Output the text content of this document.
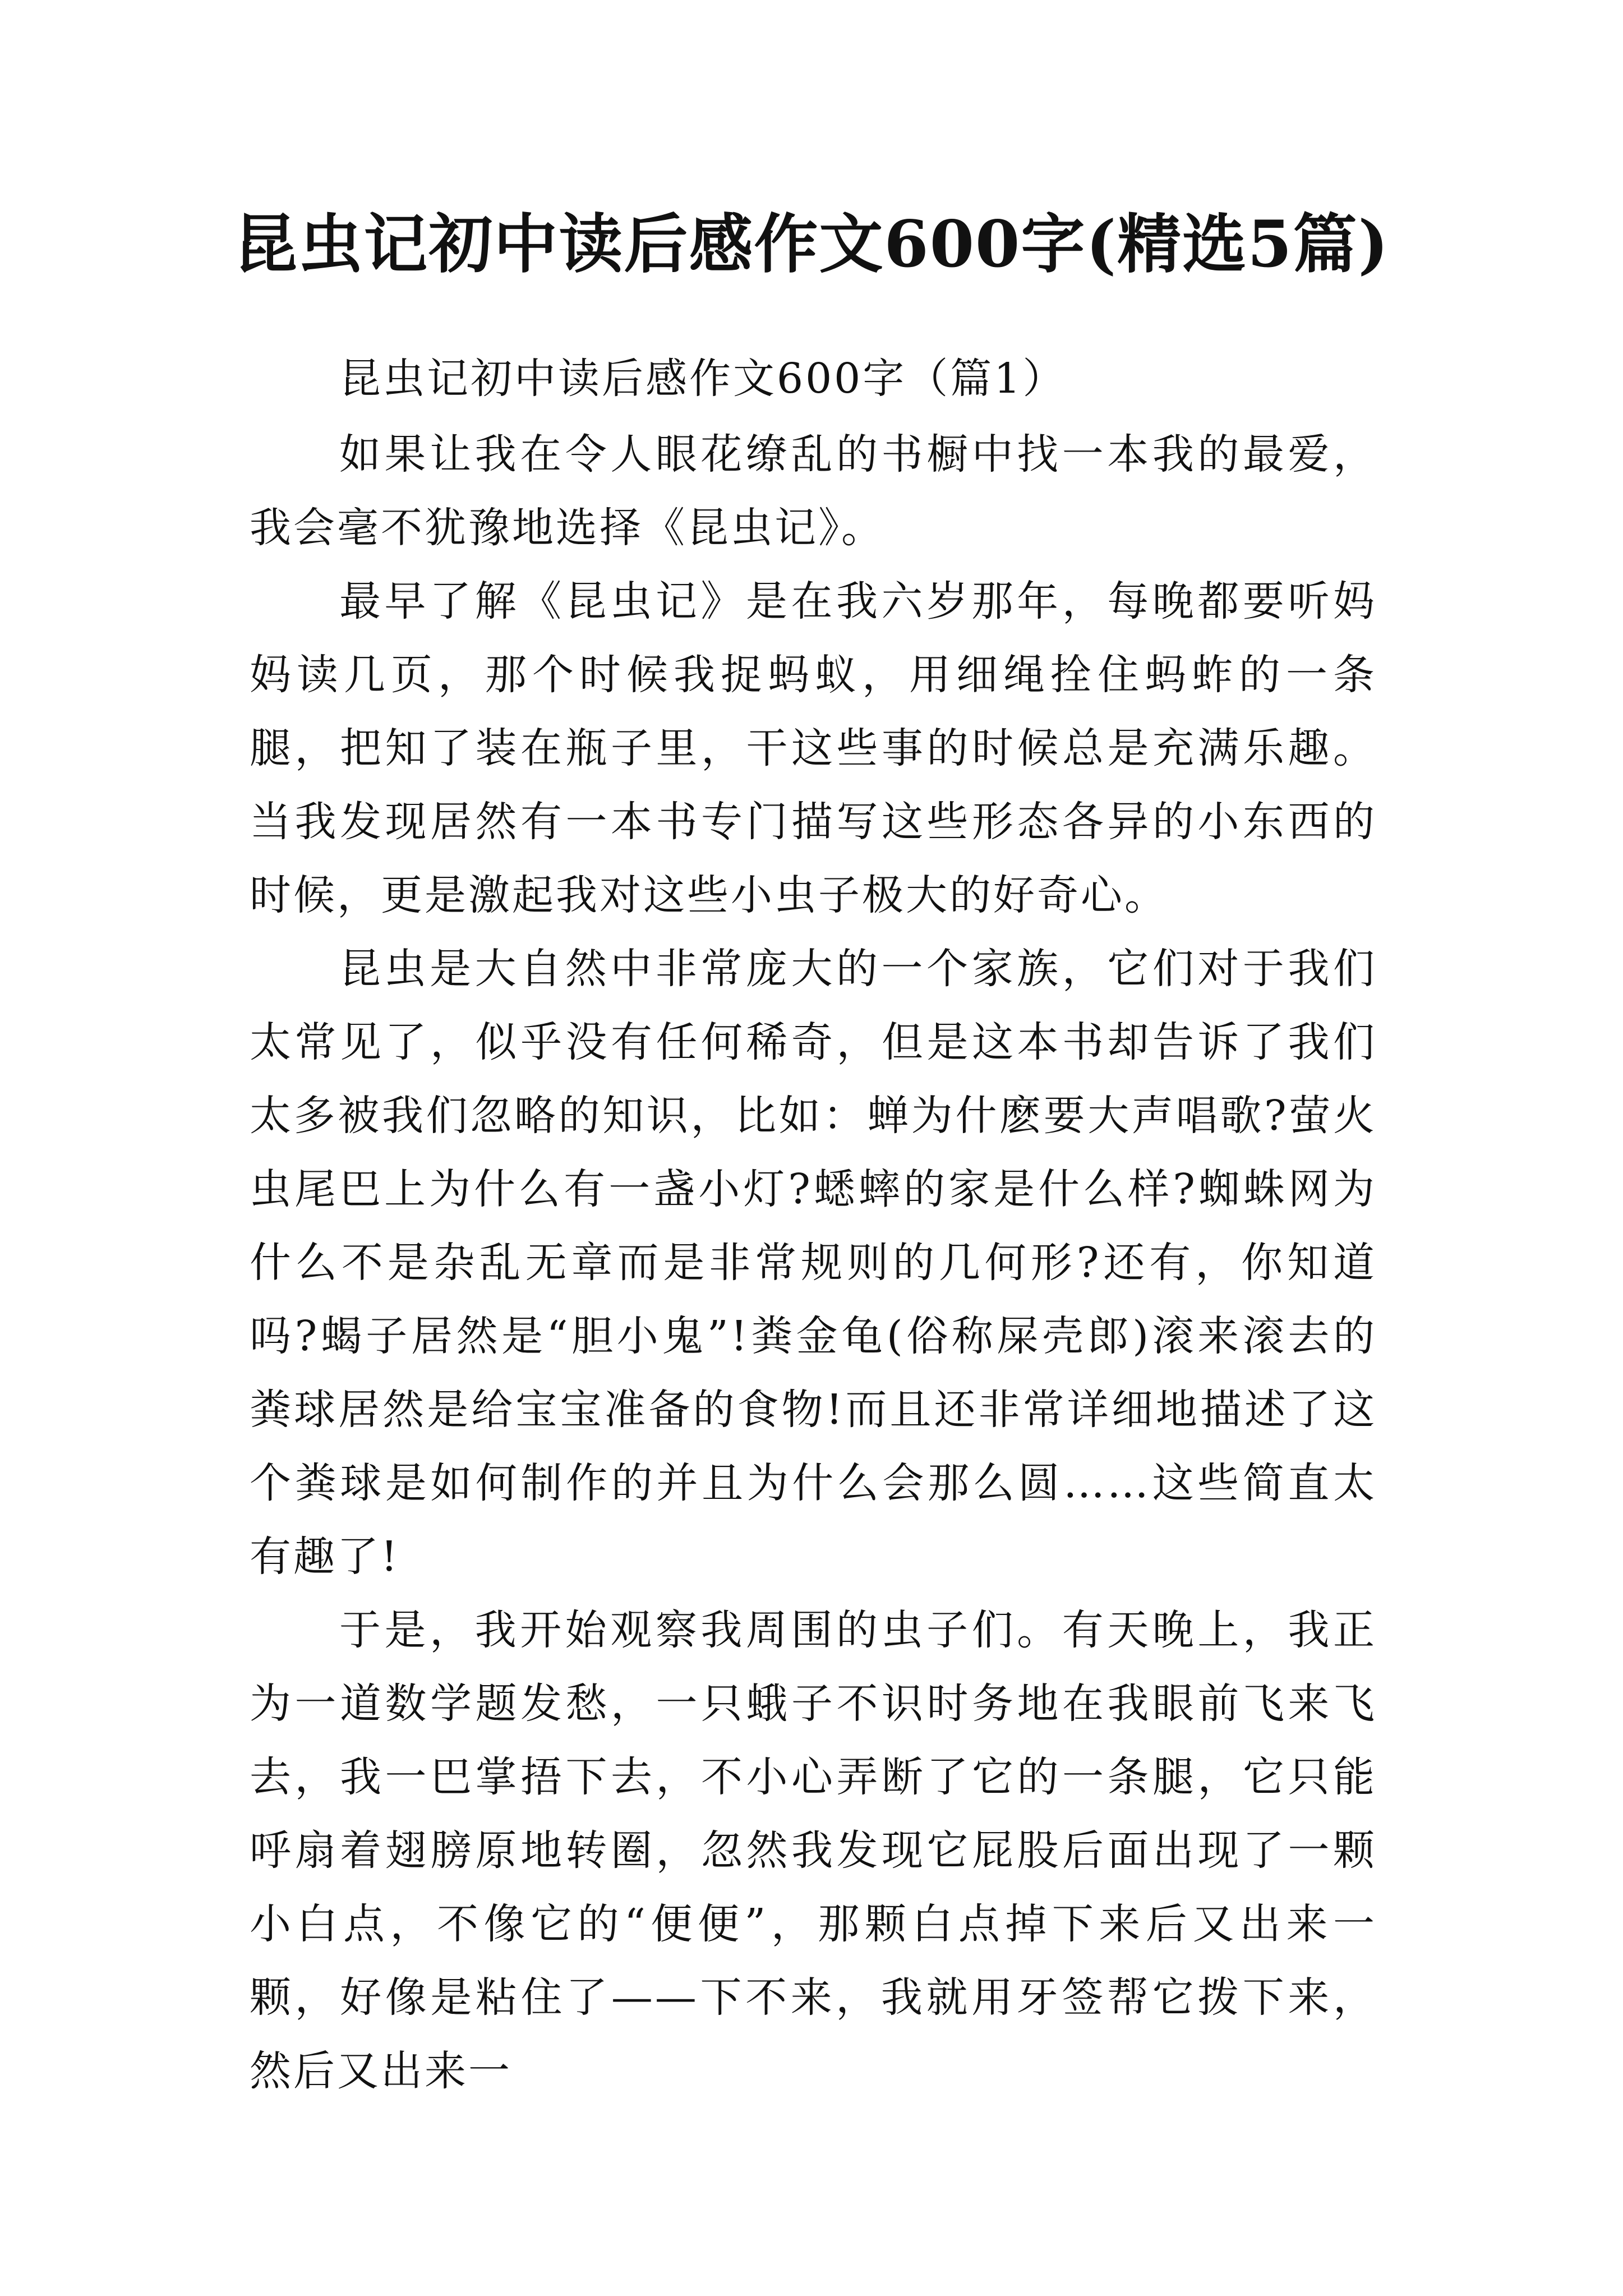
昆虫记初中读后感作文600字(精选5篇)

昆虫记初中读后感作文600字（篇1）

如果让我在令人眼花缭乱的书橱中找一本我的最爱，我会毫不犹豫地选择《昆虫记》。

最早了解《昆虫记》是在我六岁那年，每晚都要听妈妈读几页，那个时候我捉蚂蚁，用细绳拴住蚂蚱的一条腿，把知了装在瓶子里，干这些事的时候总是充满乐趣。当我发现居然有一本书专门描写这些形态各异的小东西的时候，更是激起我对这些小虫子极大的好奇心。

昆虫是大自然中非常庞大的一个家族，它们对于我们太常见了，似乎没有任何稀奇，但是这本书却告诉了我们太多被我们忽略的知识，比如：蝉为什麽要大声唱歌?萤火虫尾巴上为什么有一盏小灯?蟋蟀的家是什么样?蜘蛛网为什么不是杂乱无章而是非常规则的几何形?还有，你知道吗?蝎子居然是“胆小鬼”!粪金龟(俗称屎壳郎)滚来滚去的粪球居然是给宝宝准备的食物!而且还非常详细地描述了这个粪球是如何制作的并且为什么会那么圆……这些简直太有趣了!

于是，我开始观察我周围的虫子们。有天晚上，我正为一道数学题发愁，一只蛾子不识时务地在我眼前飞来飞去，我一巴掌捂下去，不小心弄断了它的一条腿，它只能呼扇着翅膀原地转圈，忽然我发现它屁股后面出现了一颗小白点，不像它的“便便”，那颗白点掉下来后又出来一颗，好像是粘住了——下不来，我就用牙签帮它拨下来，然后又出来一
